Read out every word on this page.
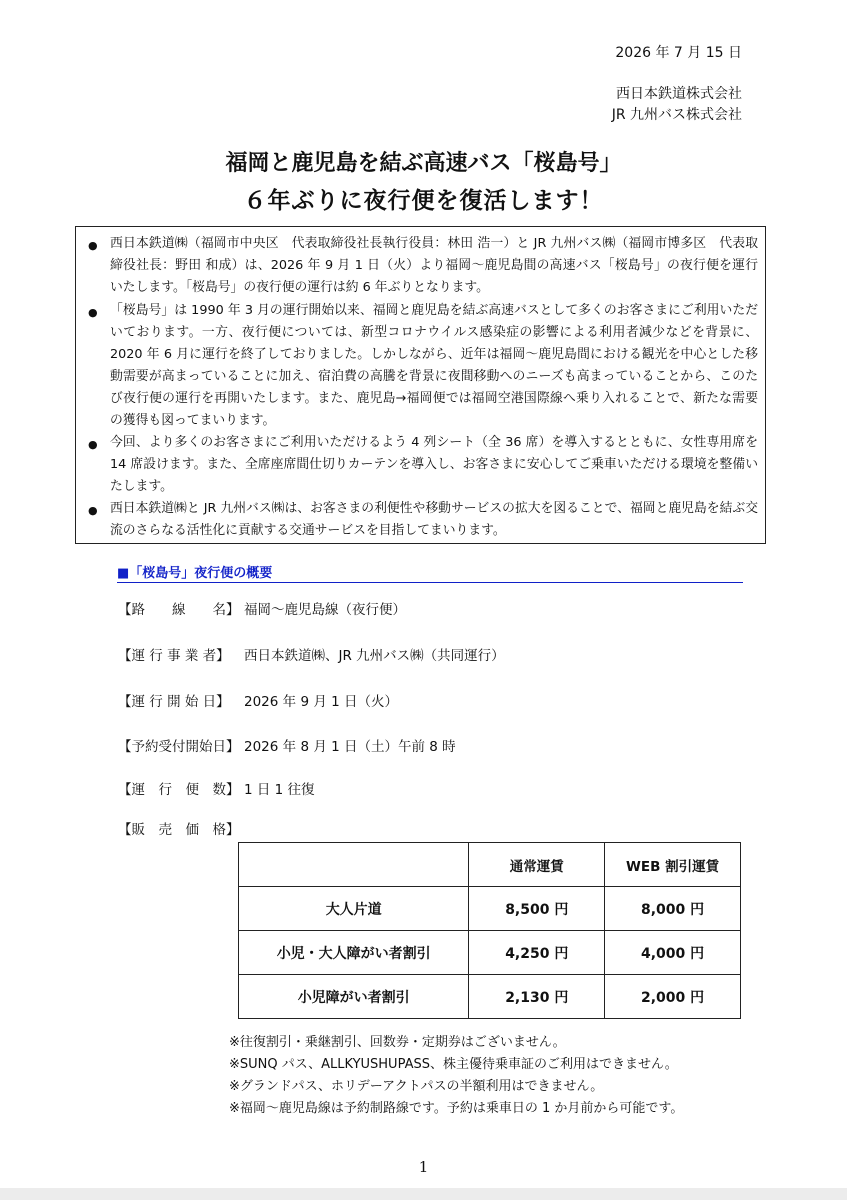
2026 年 7 月 15 日
西日本鉄道株式会社
JR 九州バス株式会社
福岡と鹿児島を結ぶ高速バス「桜島号」
６年ぶりに夜行便を復活します！
● 西日本鉄道㈱（福岡市中央区　代表取締役社長執行役員：林田 浩一）と JR 九州バス㈱（福岡市博多区　代表取締役社長：野田 和成）は、2026 年 9 月 1 日（火）より福岡～鹿児島間の高速バス「桜島号」の夜行便を運行いたします。「桜島号」の夜行便の運行は約 6 年ぶりとなります。

● 「桜島号」は 1990 年 3 月の運行開始以来、福岡と鹿児島を結ぶ高速バスとして多くのお客さまにご利用いただいております。一方、夜行便については、新型コロナウイルス感染症の影響による利用者減少などを背景に、2020 年 6 月に運行を終了しておりました。しかしながら、近年は福岡～鹿児島間における観光を中心とした移動需要が高まっていることに加え、宿泊費の高騰を背景に夜間移動へのニーズも高まっていることから、このたび夜行便の運行を再開いたします。また、鹿児島→福岡便では福岡空港国際線へ乗り入れることで、新たな需要の獲得も図ってまいります。

● 今回、より多くのお客さまにご利用いただけるよう 4 列シート（全 36 席）を導入するとともに、女性専用席を 14 席設けます。また、全席座席間仕切りカーテンを導入し、お客さまに安心してご乗車いただける環境を整備いたします。

● 西日本鉄道㈱と JR 九州バス㈱は、お客さまの利便性や移動サービスの拡大を図ることで、福岡と鹿児島を結ぶ交流のさらなる活性化に貢献する交通サービスを目指してまいります。

■「桜島号」夜行便の概要
【路　　線　　名】 福岡～鹿児島線（夜行便）
【運 行 事 業 者】 西日本鉄道㈱、JR 九州バス㈱（共同運行）
【運 行 開 始 日】 2026 年 9 月 1 日（火）
【予約受付開始日】 2026 年 8 月 1 日（土）午前 8 時
【運　行　便　数】 1 日 1 往復
【販　売　価　格】
	通常運賃	WEB 割引運賃
大人片道	8,500 円	8,000 円
小児・大人障がい者割引	4,250 円	4,000 円
小児障がい者割引	2,130 円	2,000 円
※往復割引・乗継割引、回数券・定期券はございません。
※SUNQ パス、ALLKYUSHUPASS、株主優待乗車証のご利用はできません。
※グランドパス、ホリデーアクトパスの半額利用はできません。
※福岡～鹿児島線は予約制路線です。予約は乗車日の 1 か月前から可能です。
1
